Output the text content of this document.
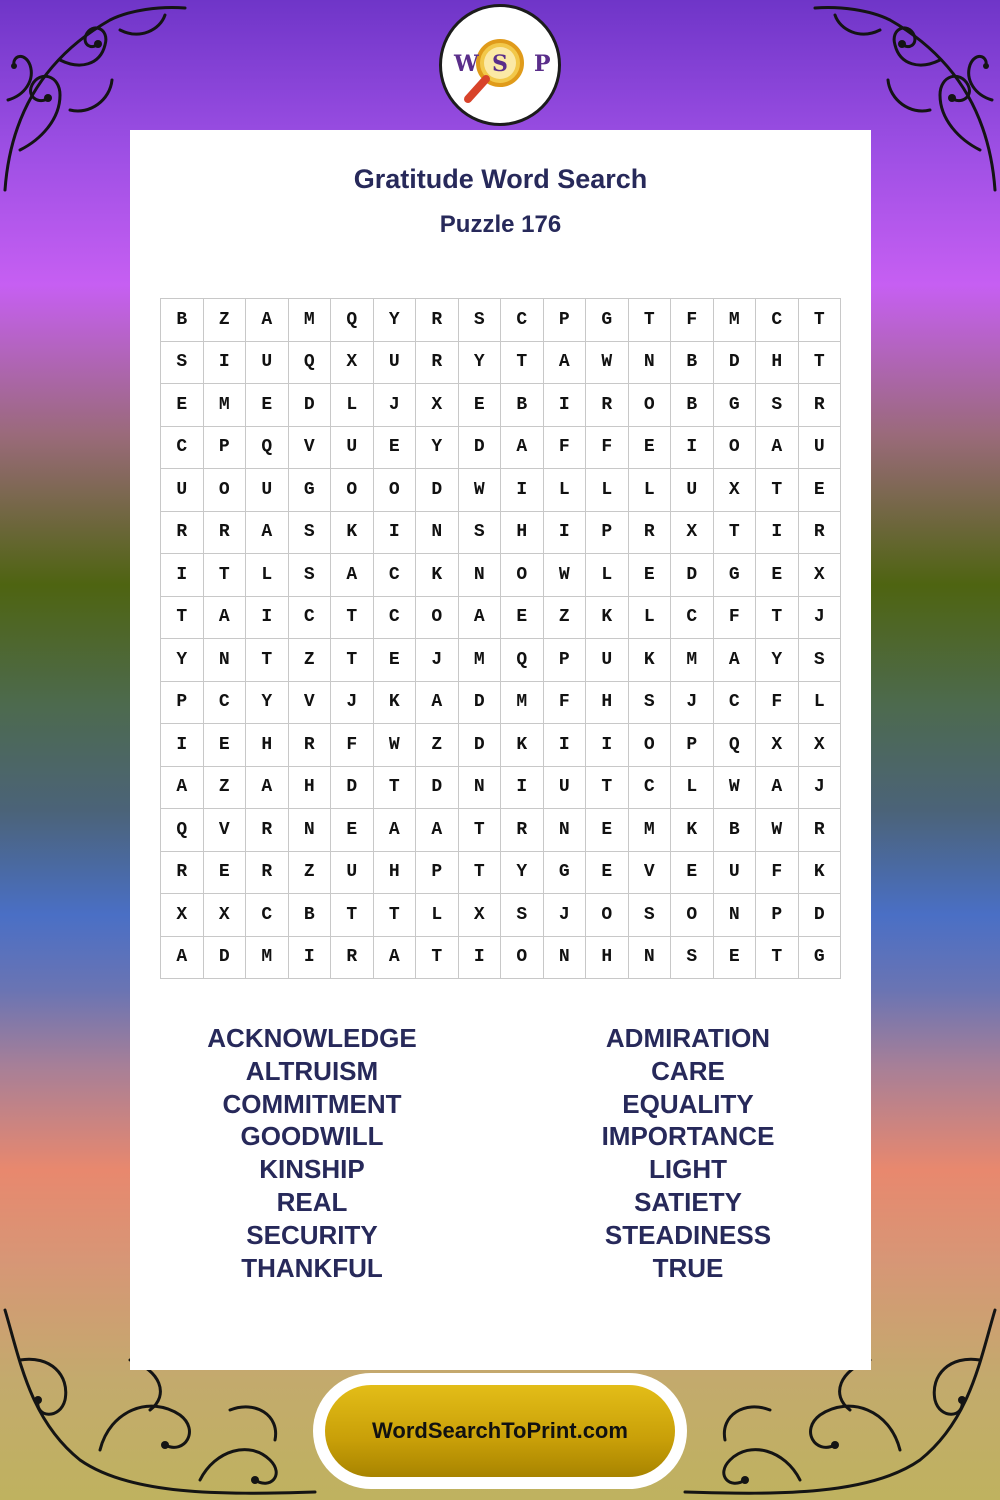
W S P
Gratitude Word Search
Puzzle 176
B	Z	A	M	Q	Y	R	S	C	P	G	T	F	M	C	T
S	I	U	Q	X	U	R	Y	T	A	W	N	B	D	H	T
E	M	E	D	L	J	X	E	B	I	R	O	B	G	S	R
C	P	Q	V	U	E	Y	D	A	F	F	E	I	O	A	U
U	O	U	G	O	O	D	W	I	L	L	L	U	X	T	E
R	R	A	S	K	I	N	S	H	I	P	R	X	T	I	R
I	T	L	S	A	C	K	N	O	W	L	E	D	G	E	X
T	A	I	C	T	C	O	A	E	Z	K	L	C	F	T	J
Y	N	T	Z	T	E	J	M	Q	P	U	K	M	A	Y	S
P	C	Y	V	J	K	A	D	M	F	H	S	J	C	F	L
I	E	H	R	F	W	Z	D	K	I	I	O	P	Q	X	X
A	Z	A	H	D	T	D	N	I	U	T	C	L	W	A	J
Q	V	R	N	E	A	A	T	R	N	E	M	K	B	W	R
R	E	R	Z	U	H	P	T	Y	G	E	V	E	U	F	K
X	X	C	B	T	T	L	X	S	J	O	S	O	N	P	D
A	D	M	I	R	A	T	I	O	N	H	N	S	E	T	G
ACKNOWLEDGE
ALTRUISM
COMMITMENT
GOODWILL
KINSHIP
REAL
SECURITY
THANKFUL
ADMIRATION
CARE
EQUALITY
IMPORTANCE
LIGHT
SATIETY
STEADINESS
TRUE
WordSearchToPrint.com
